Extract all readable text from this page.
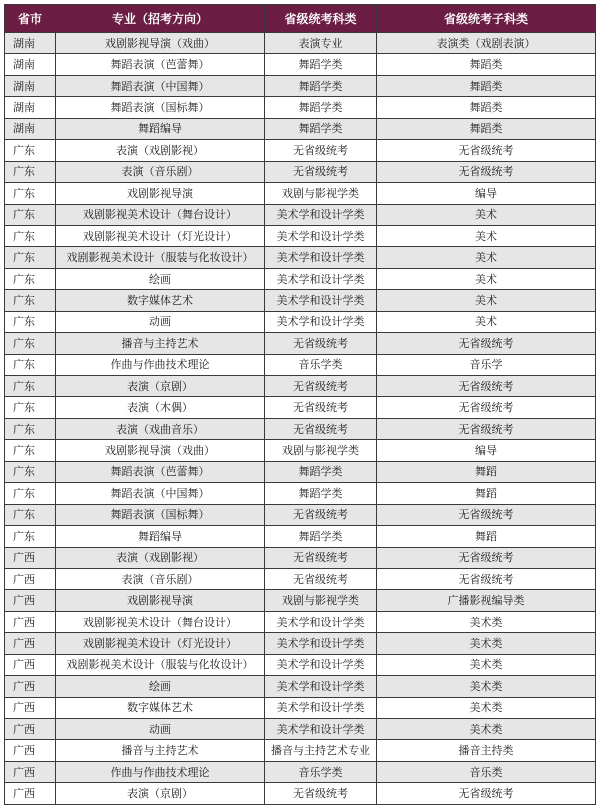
省市	专业（招考方向）	省级统考科类	省级统考子科类
湖南	戏剧影视导演（戏曲）	表演专业	表演类（戏剧表演）
湖南	舞蹈表演（芭蕾舞）	舞蹈学类	舞蹈类
湖南	舞蹈表演（中国舞）	舞蹈学类	舞蹈类
湖南	舞蹈表演（国标舞）	舞蹈学类	舞蹈类
湖南	舞蹈编导	舞蹈学类	舞蹈类
广东	表演（戏剧影视）	无省级统考	无省级统考
广东	表演（音乐剧）	无省级统考	无省级统考
广东	戏剧影视导演	戏剧与影视学类	编导
广东	戏剧影视美术设计（舞台设计）	美术学和设计学类	美术
广东	戏剧影视美术设计（灯光设计）	美术学和设计学类	美术
广东	戏剧影视美术设计（服装与化妆设计）	美术学和设计学类	美术
广东	绘画	美术学和设计学类	美术
广东	数字媒体艺术	美术学和设计学类	美术
广东	动画	美术学和设计学类	美术
广东	播音与主持艺术	无省级统考	无省级统考
广东	作曲与作曲技术理论	音乐学类	音乐学
广东	表演（京剧）	无省级统考	无省级统考
广东	表演（木偶）	无省级统考	无省级统考
广东	表演（戏曲音乐）	无省级统考	无省级统考
广东	戏剧影视导演（戏曲）	戏剧与影视学类	编导
广东	舞蹈表演（芭蕾舞）	舞蹈学类	舞蹈
广东	舞蹈表演（中国舞）	舞蹈学类	舞蹈
广东	舞蹈表演（国标舞）	无省级统考	无省级统考
广东	舞蹈编导	舞蹈学类	舞蹈
广西	表演（戏剧影视）	无省级统考	无省级统考
广西	表演（音乐剧）	无省级统考	无省级统考
广西	戏剧影视导演	戏剧与影视学类	广播影视编导类
广西	戏剧影视美术设计（舞台设计）	美术学和设计学类	美术类
广西	戏剧影视美术设计（灯光设计）	美术学和设计学类	美术类
广西	戏剧影视美术设计（服装与化妆设计）	美术学和设计学类	美术类
广西	绘画	美术学和设计学类	美术类
广西	数字媒体艺术	美术学和设计学类	美术类
广西	动画	美术学和设计学类	美术类
广西	播音与主持艺术	播音与主持艺术专业	播音主持类
广西	作曲与作曲技术理论	音乐学类	音乐类
广西	表演（京剧）	无省级统考	无省级统考
